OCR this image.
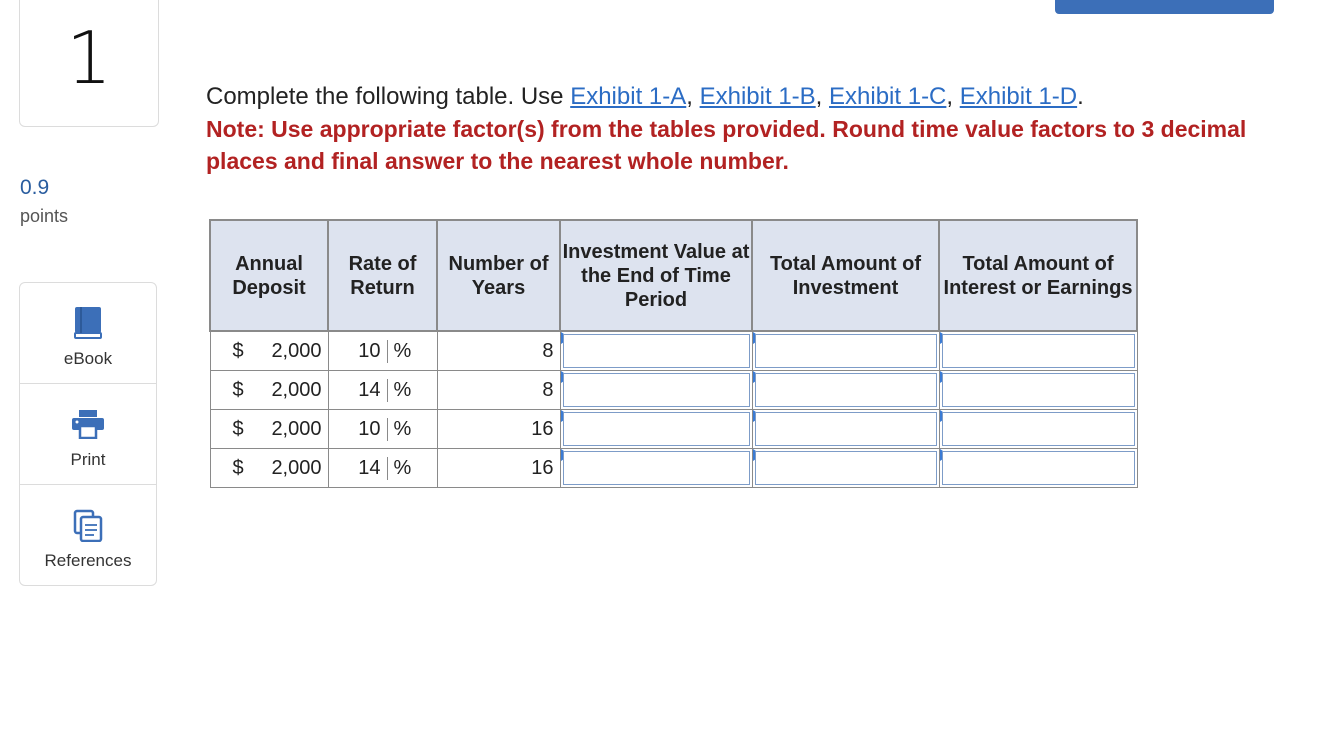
1
0.9
points
eBook
Print
References
Complete the following table. Use Exhibit 1-A, Exhibit 1-B, Exhibit 1-C, Exhibit 1-D.
Note: Use appropriate factor(s) from the tables provided. Round time value factors to 3 decimal places and final answer to the nearest whole number.
Annual Deposit	Rate of Return	Number of Years	Investment Value at the End of Time Period	Total Amount of Investment	Total Amount of Interest or Earnings

$ 2,000	10 %	8			

$ 2,000	14 %	8			

$ 2,000	10 %	16			

$ 2,000	14 %	16			
